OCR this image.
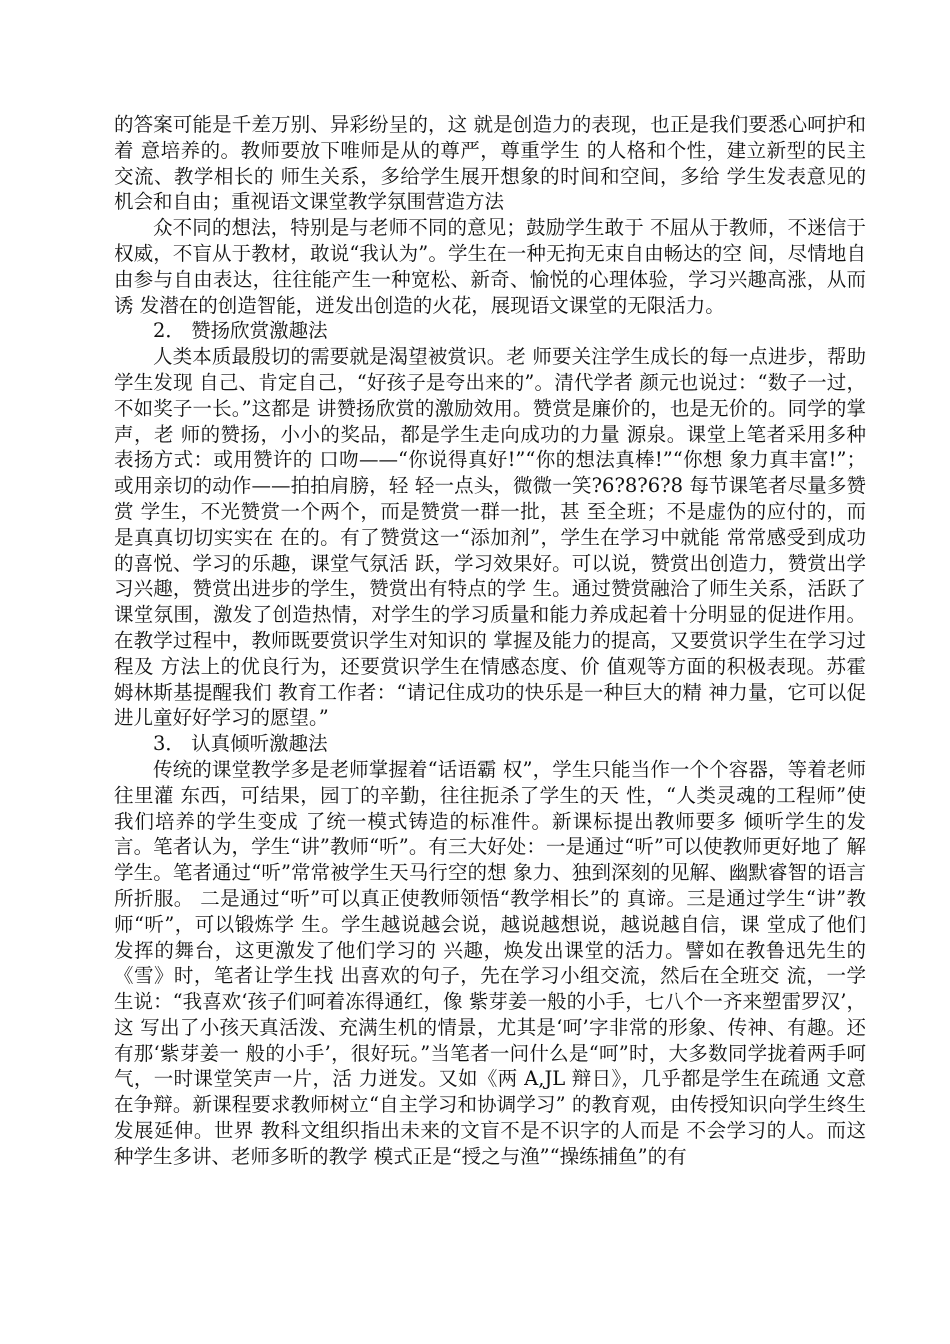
的答案可能是千差万别、异彩纷呈的，这 就是创造力的表现，也正是我们要悉心呵护和着 意培养的。教师要放下唯师是从的尊严，尊重学生 的人格和个性，建立新型的民主交流、教学相长的 师生关系，多给学生展开想象的时间和空间，多给 学生发表意见的机会和自由；重视语文课堂教学氛围营造方法

众不同的想法，特别是与老师不同的意见；鼓励学生敢于 不屈从于教师，不迷信于权威，不盲从于教材，敢说“我认为”。学生在一种无拘无束自由畅达的空 间，尽情地自由参与自由表达，往往能产生一种宽松、新奇、愉悦的心理体验，学习兴趣高涨，从而诱 发潜在的创造智能，迸发出创造的火花，展现语文课堂的无限活力。

2． 赞扬欣赏激趣法

人类本质最殷切的需要就是渴望被赏识。老 师要关注学生成长的每一点进步，帮助学生发现 自己、肯定自己，“好孩子是夸出来的”。清代学者 颜元也说过：“数子一过，不如奖子一长。”这都是 讲赞扬欣赏的激励效用。赞赏是廉价的，也是无价的。同学的掌声，老 师的赞扬，小小的奖品，都是学生走向成功的力量 源泉。课堂上笔者采用多种表扬方式：或用赞许的 口吻——“你说得真好!”“你的想法真棒!”“你想 象力真丰富!”；或用亲切的动作——拍拍肩膀，轻 轻一点头，微微一笑?6?8?6?8 每节课笔者尽量多赞赏 学生，不光赞赏一个两个，而是赞赏一群一批，甚 至全班；不是虚伪的应付的，而是真真切切实实在 在的。有了赞赏这一“添加剂”，学生在学习中就能 常常感受到成功的喜悦、学习的乐趣，课堂气氛活 跃，学习效果好。可以说，赞赏出创造力，赞赏出学 习兴趣，赞赏出进步的学生，赞赏出有特点的学 生。通过赞赏融洽了师生关系，活跃了课堂氛围，激发了创造热情，对学生的学习质量和能力养成起着十分明显的促进作用。 在教学过程中，教师既要赏识学生对知识的 掌握及能力的提高，又要赏识学生在学习过程及 方法上的优良行为，还要赏识学生在情感态度、价 值观等方面的积极表现。苏霍姆林斯基提醒我们 教育工作者：“请记住成功的快乐是一种巨大的精 神力量，它可以促进儿童好好学习的愿望。”

3． 认真倾听激趣法

传统的课堂教学多是老师掌握着“话语霸 权”，学生只能当作一个个容器，等着老师往里灌 东西，可结果，园丁的辛勤，往往扼杀了学生的天 性，“人类灵魂的工程师”使我们培养的学生变成 了统一模式铸造的标准件。新课标提出教师要多 倾听学生的发言。笔者认为，学生“讲”教师“听”。有三大好处：一是通过“听”可以使教师更好地了 解学生。笔者通过“听”常常被学生天马行空的想 象力、独到深刻的见解、幽默睿智的语言所折服。 二是通过“听”可以真正使教师领悟“教学相长”的 真谛。三是通过学生“讲”教师“听”，可以锻炼学 生。学生越说越会说，越说越想说，越说越自信，课 堂成了他们发挥的舞台，这更激发了他们学习的 兴趣，焕发出课堂的活力。譬如在教鲁迅先生的《雪》时，笔者让学生找 出喜欢的句子，先在学习小组交流，然后在全班交 流，一学生说：“我喜欢‘孩子们呵着冻得通红，像 紫芽姜一般的小手，七八个一齐来塑雷罗汉’，这 写出了小孩天真活泼、充满生机的情景，尤其是‘呵’字非常的形象、传神、有趣。还有那‘紫芽姜一 般的小手’，很好玩。”当笔者一问什么是“呵”时，大多数同学拢着两手呵气，一时课堂笑声一片，活 力迸发。又如《两 A,JL 辩日》，几乎都是学生在疏通 文意在争辩。新课程要求教师树立“自主学习和协调学习” 的教育观，由传授知识向学生终生发展延伸。世界 教科文组织指出未来的文盲不是不识字的人而是 不会学习的人。而这种学生多讲、老师多昕的教学 模式正是“授之与渔”“操练捕鱼”的有
